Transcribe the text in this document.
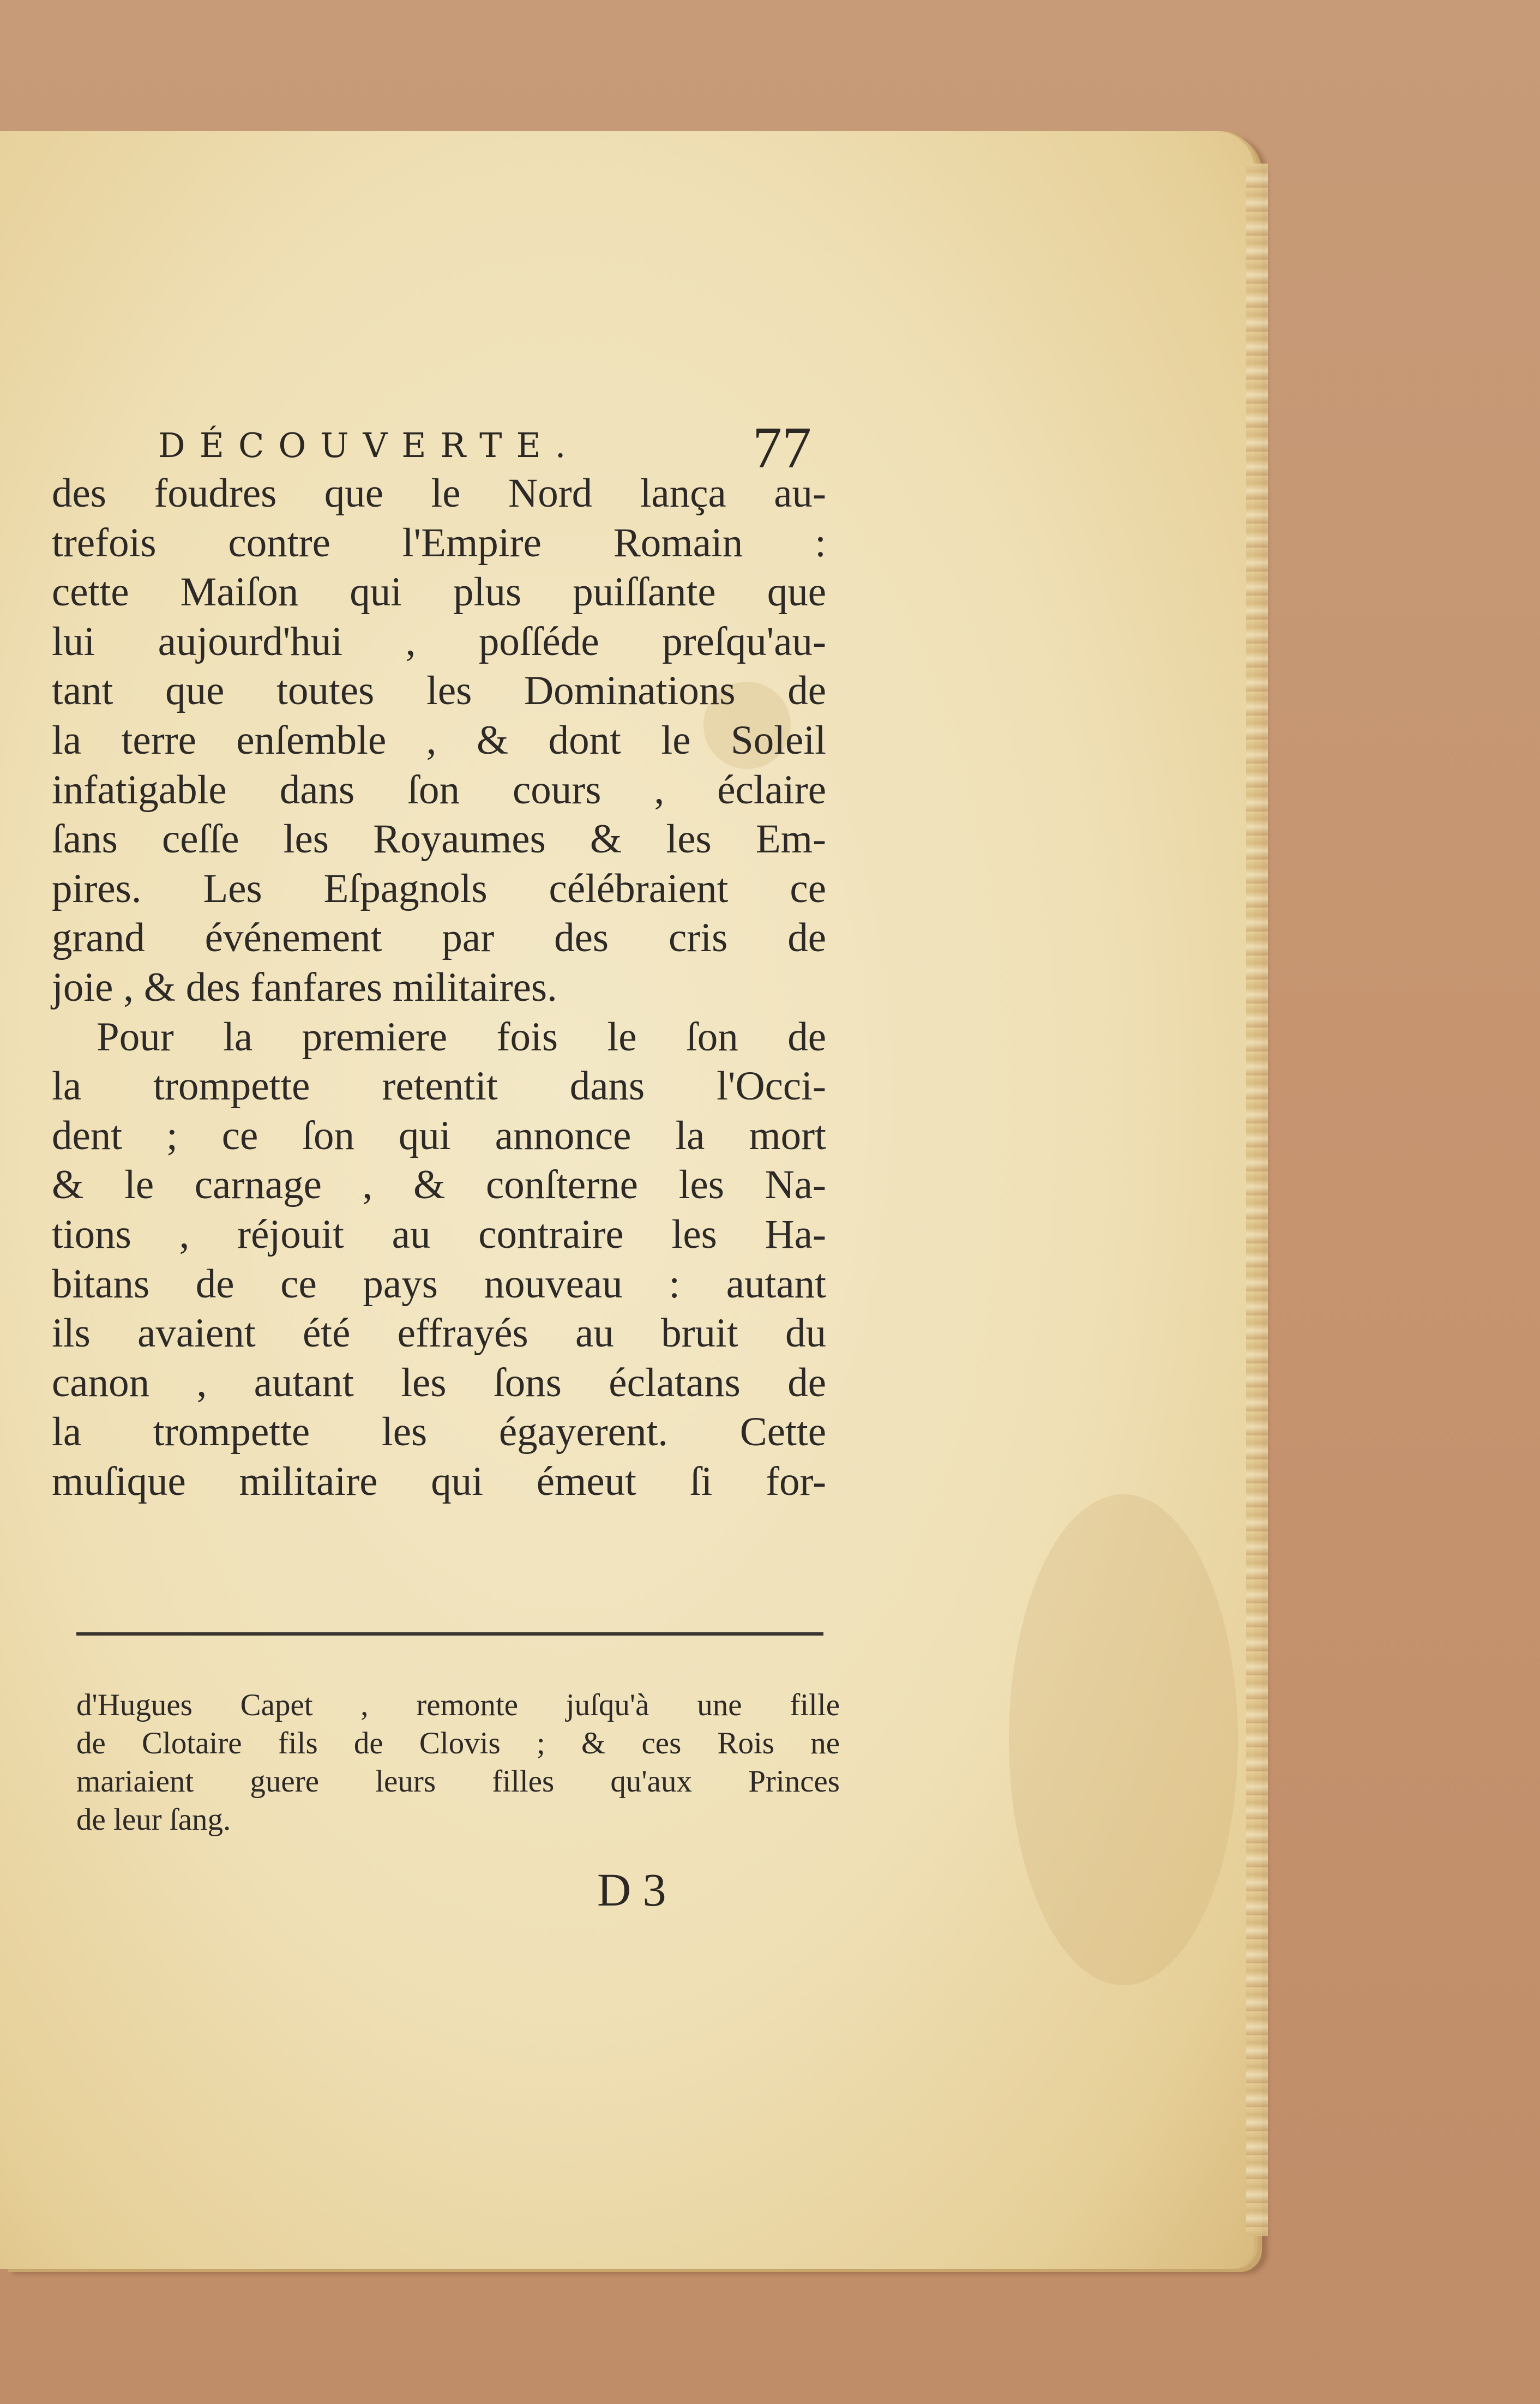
DÉCOUVERTE.	77
des foudres que le Nord lança au-
trefois contre l'Empire Romain :
cette Maiſon qui plus puiſſante que
lui aujourd'hui , poſſéde preſqu'au-
tant que toutes les Dominations de
la terre enſemble , & dont le Soleil
infatigable dans ſon cours , éclaire
ſans ceſſe les Royaumes & les Em-
pires. Les Eſpagnols célébraient ce
grand événement par des cris de
joie , & des fanfares militaires.
Pour la premiere fois le ſon de
la trompette retentit dans l'Occi-
dent ; ce ſon qui annonce la mort
& le carnage , & conſterne les Na-
tions , réjouit au contraire les Ha-
bitans de ce pays nouveau : autant
ils avaient été effrayés au bruit du
canon , autant les ſons éclatans de
la trompette les égayerent. Cette
muſique militaire qui émeut ſi for-
d'Hugues Capet , remonte juſqu'à une fille
de Clotaire fils de Clovis ; & ces Rois ne
mariaient guere leurs filles qu'aux Princes
de leur ſang.
D 3
